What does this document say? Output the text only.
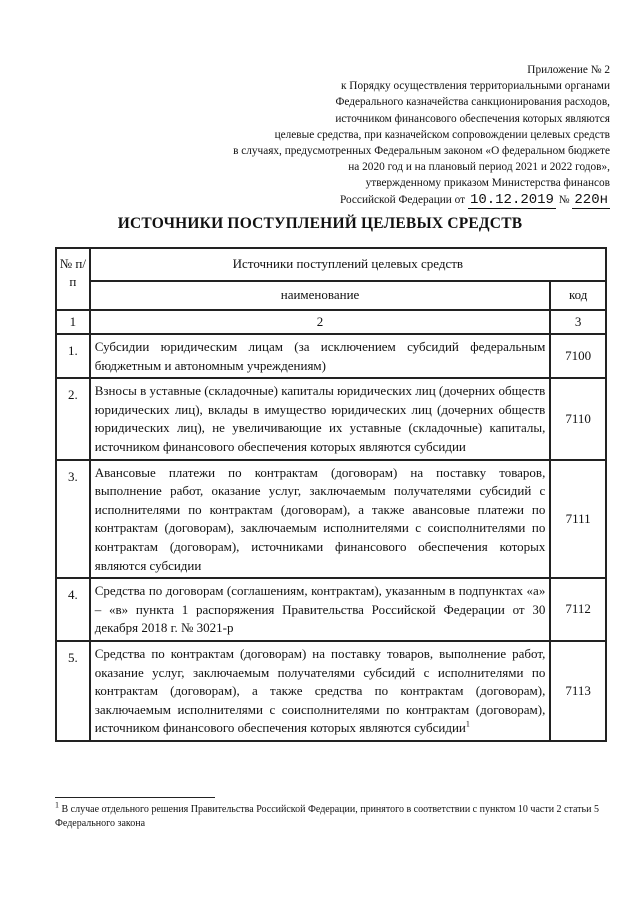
Приложение № 2
к Порядку осуществления территориальными органами
Федерального казначейства санкционирования расходов,
источником финансового обеспечения которых являются
целевые средства, при казначейском сопровождении целевых средств
в случаях, предусмотренных Федеральным законом «О федеральном бюджете
на 2020 год и на плановый период 2021 и 2022 годов»,
утвержденному приказом Министерства финансов
Российской Федерации от 10.12.2019 № 220н
ИСТОЧНИКИ ПОСТУПЛЕНИЙ ЦЕЛЕВЫХ СРЕДСТВ
№ п/п	Источники поступлений целевых средств	
	наименование	код
1	2	3
1.	Субсидии юридическим лицам (за исключением субсидий федеральным бюджетным и автономным учреждениям)	7100
2.	Взносы в уставные (складочные) капиталы юридических лиц (дочерних обществ юридических лиц), вклады в имущество юридических лиц (дочерних обществ юридических лиц), не увеличивающие их уставные (складочные) капиталы, источником финансового обеспечения которых являются субсидии	7110
3.	Авансовые платежи по контрактам (договорам) на поставку товаров, выполнение работ, оказание услуг, заключаемым получателями субсидий с исполнителями по контрактам (договорам), а также авансовые платежи по контрактам (договорам), заключаемым исполнителями с соисполнителями по контрактам (договорам), источниками финансового обеспечения которых являются субсидии	7111
4.	Средства по договорам (соглашениям, контрактам), указанным в подпунктах «а» – «в» пункта 1 распоряжения Правительства Российской Федерации от 30 декабря 2018 г. № 3021-р	7112
5.	Средства по контрактам (договорам) на поставку товаров, выполнение работ, оказание услуг, заключаемым получателями субсидий с исполнителями по контрактам (договорам), а также средства по контрактам (договорам), заключаемым исполнителями с соисполнителями по контрактам (договорам), источником финансового обеспечения которых являются субсидии$^1$	7113
$^1$ В случае отдельного решения Правительства Российской Федерации, принятого в соответствии с пунктом 10 части 2 статьи 5 Федерального закона
